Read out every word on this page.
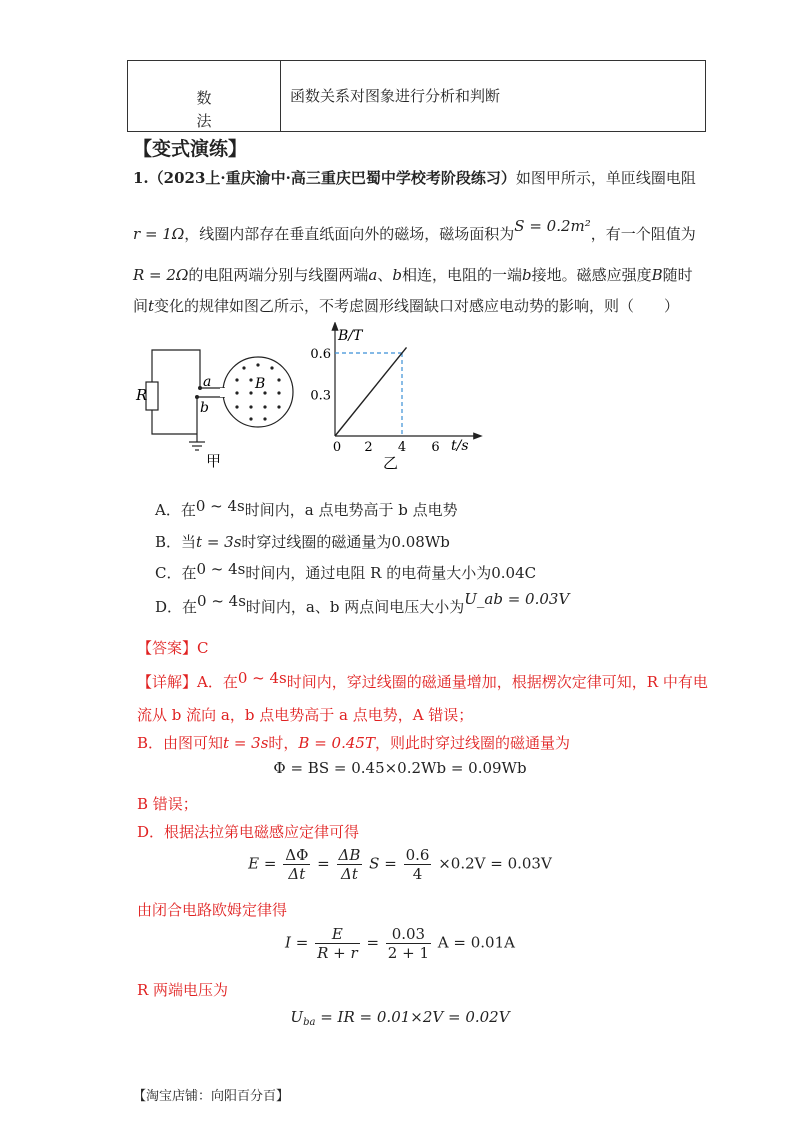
数
法
函数关系对图象进行分析和判断
【变式演练】
1.（2023上·重庆渝中·高三重庆巴蜀中学校考阶段练习）如图甲所示，单匝线圈电阻
r = 1Ω，线圈内部存在垂直纸面向外的磁场，磁场面积为S = 0.2m²，有一个阻值为
R = 2Ω的电阻两端分别与线圈两端a、b相连，电阻的一端b接地。磁感应强度B随时
间t变化的规律如图乙所示，不考虑圆形线圈缺口对感应电动势的影响，则（　　）
R
a
b
B
甲
B/T
t/s
0 2 4 6
0.3
0.6
乙
A．在0 ~ 4s时间内，a 点电势高于 b 点电势
B．当t = 3s时穿过线圈的磁通量为0.08Wb
C．在0 ~ 4s时间内，通过电阻 R 的电荷量大小为0.04C
D．在0 ~ 4s时间内，a、b 两点间电压大小为U_ab = 0.03V
【答案】C
【详解】A．在0 ~ 4s时间内，穿过线圈的磁通量增加，根据楞次定律可知，R 中有电
流从 b 流向 a，b 点电势高于 a 点电势，A 错误；
B．由图可知t = 3s时，B = 0.45T，则此时穿过线圈的磁通量为
Φ = BS = 0.45×0.2Wb = 0.09Wb
B 错误；
D．根据法拉第电磁感应定律可得
$E = \frac{\Delta\Phi}{\Delta t} = \frac{\Delta B}{\Delta t}$ $S = \frac{0.6}{4} \times 0.2V = 0.03V$
由闭合电路欧姆定律得
$I = \frac{E}{R + r} = \frac{0.03}{2 + 1}$ A = 0.01A
R 两端电压为
$U_{ba}$ = IR = 0.01×2V = 0.02V
【淘宝店铺：向阳百分百】
